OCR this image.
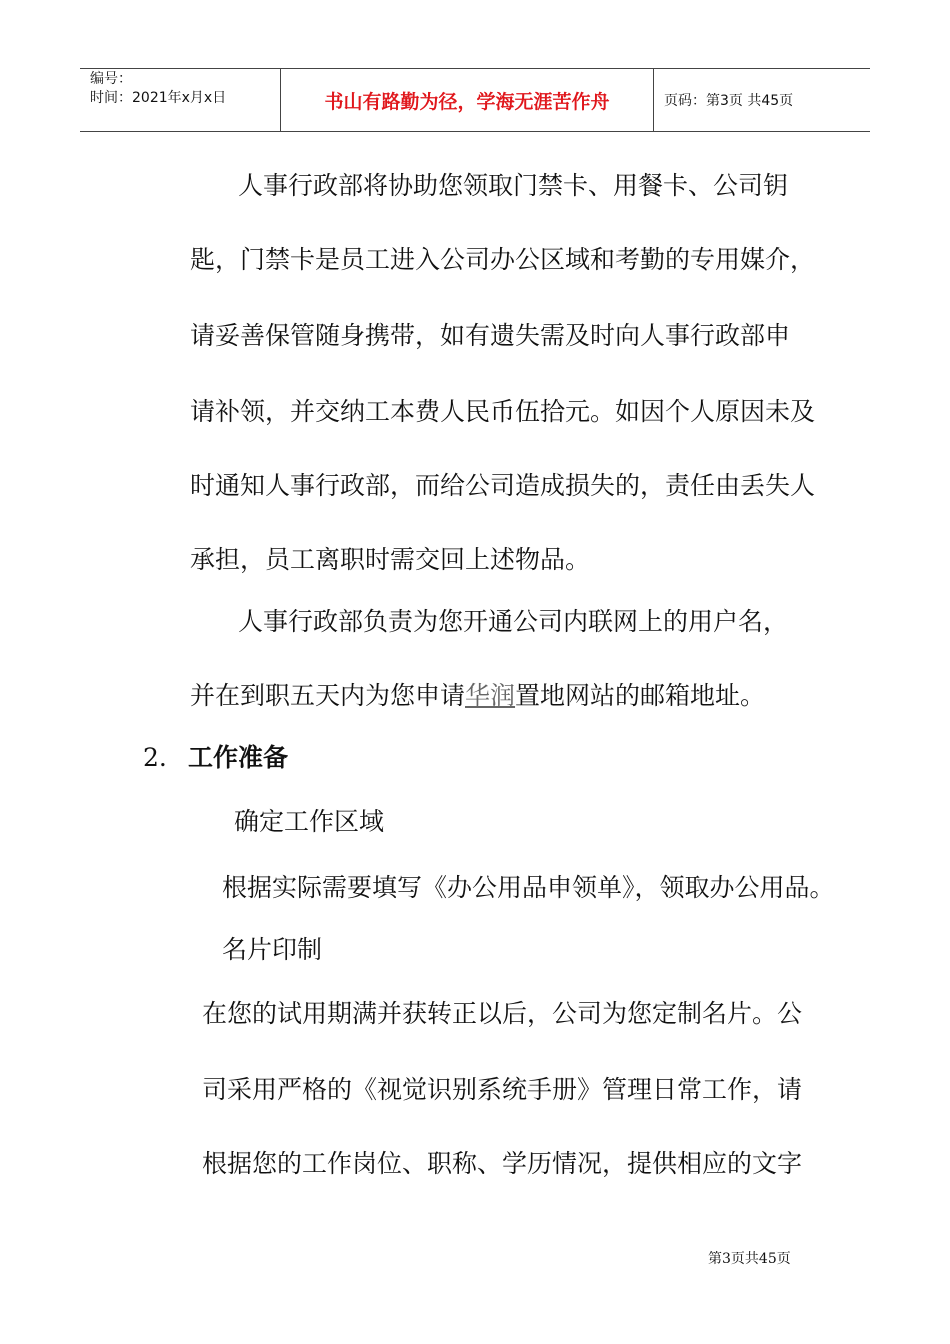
编号：
时间：2021年x月x日	书山有路勤为径，学海无涯苦作舟	页码：第3页 共45页
人事行政部将协助您领取门禁卡、用餐卡、公司钥
匙，门禁卡是员工进入公司办公区域和考勤的专用媒介，
请妥善保管随身携带，如有遗失需及时向人事行政部申
请补领，并交纳工本费人民币伍拾元。如因个人原因未及
时通知人事行政部，而给公司造成损失的，责任由丢失人
承担，员工离职时需交回上述物品。
人事行政部负责为您开通公司内联网上的用户名，
并在到职五天内为您申请华润置地网站的邮箱地址。
2. 工作准备
确定工作区域
根据实际需要填写《办公用品申领单》，领取办公用品。
名片印制
在您的试用期满并获转正以后，公司为您定制名片。公
司采用严格的《视觉识别系统手册》管理日常工作，请
根据您的工作岗位、职称、学历情况，提供相应的文字
第3页共45页
